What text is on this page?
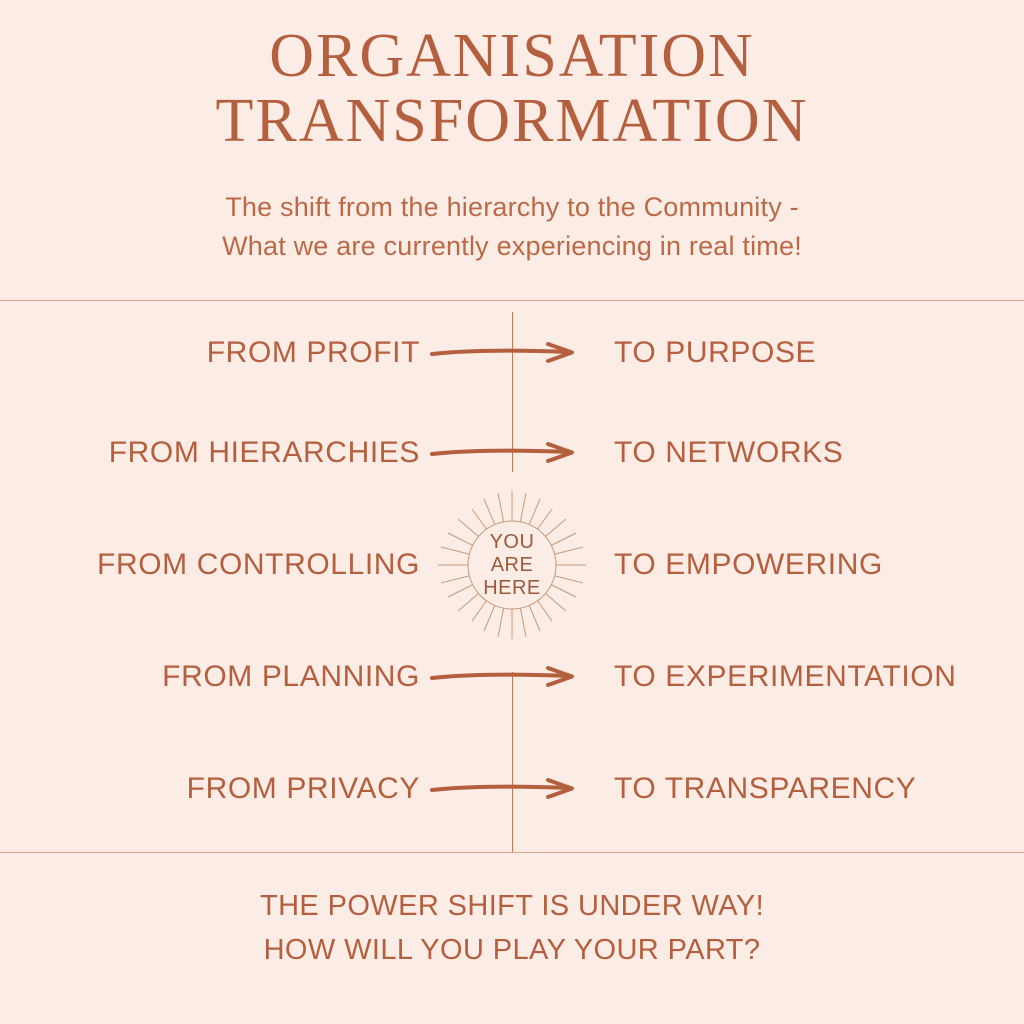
ORGANISATION
TRANSFORMATION
The shift from the hierarchy to the Community -
What we are currently experiencing in real time!
FROM PROFIT	TO PURPOSE
FROM HIERARCHIES	TO NETWORKS
FROM CONTROLLING	TO EMPOWERING
FROM PLANNING	TO EXPERIMENTATION
FROM PRIVACY	TO TRANSPARENCY
YOU
ARE
HERE
THE POWER SHIFT IS UNDER WAY!
HOW WILL YOU PLAY YOUR PART?
